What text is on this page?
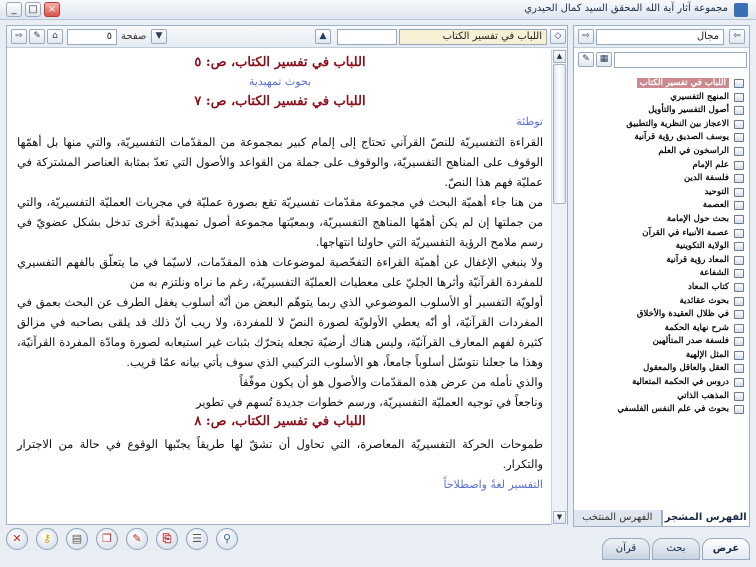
مجموعة آثار آية الله المحقق السيد كمال الحيدري
_	□	×
⇨	✎	⌂	٥ صفحة	▼	▲	اللباب في تفسير الكتاب	◇
اللباب في تفسير الكتاب، ص: ٥
بحوث تمهيدية
اللباب في تفسير الكتاب، ص: ٧
توطئة
القراءة التفسيريّة للنصّ القرآني تحتاج إلى إلمام كبير بمجموعة من المقدّمات التفسيريّة، والتي منها بل أهمّها الوقوف على المناهج التفسيريّة، والوقوف على جملة من القواعد والأصول التي تعدّ بمثابة العناصر المشتركة في عمليّة فهم هذا النصّ.
من هنا جاء أهميّة البحث في مجموعة مقدّمات تفسيريّة تقع بصورة عمليّة في مجريات العمليّة التفسيريّة، والتي من جملتها إن لم يكن أهمّها المناهج التفسيريّة، وبمعيّتها مجموعة أصول تمهيديّة أخرى تدخل بشكل عضويّ في رسم ملامح الرؤية التفسيريّة التي حاولنا انتهاجها.
ولا ينبغي الإغفال عن أهميّة القراءة التفحّصية لموضوعات هذه المقدّمات، لاسيّما في ما يتعلّق بالفهم التفسيري للمفردة القرآنيّة وأثرها الجليّ على معطيات العمليّة التفسيريّة، رغم ما نراه ونلتزم به من
أولويّة التفسير أو الأسلوب الموضوعي الذي ربما يتوهّم البعض من أنّه أسلوب يغفل الطرف عن البحث بعمق في المفردات القرآنيّة، أو أنّه يعطي الأولويّة لصورة النصّ لا للمفردة، ولا ريب أنّ ذلك قد يلقى بصاحبه في مزالق كثيرة لفهم المعارف القرآنيّة، وليس هناك أرضيّة تجعله يتحرّك بثبات غير استيعابه لصورة ومادّة المفردة القرآنيّة، وهذا ما جعلنا نتوسّل أسلوباً جامعاً، هو الأسلوب التركيبي الذي سوف يأتي بيانه عمّا قريب.
والذي نأمله من عرض هذه المقدّمات والأصول هو أن يكون موفّقاً
وناجعاً في توجيه العمليّة التفسيريّة، ورسم خطوات جديدة تُسهم في تطوير
اللباب في تفسير الكتاب، ص: ٨
طموحات الحركة التفسيريّة المعاصرة، التي تحاول أن تشقّ لها طريقاً يجنّبها الوقوع في حالة من الاجترار والتكرار.
التفسير لغةً واصطلاحاً
▲
▼
✕	⚷	▤	❐	✎	⎘	☰	⚲
⇨	مجال	⇦
✎	▦
اللباب في تفسير الكتاب
المنهج التفسيري
أصول التفسير والتأويل
الاعجاز بين النظرية والتطبيق
يوسف الصديق رؤية قرآنية
الراسخون في العلم
علم الإمام
فلسفة الدين
التوحيد
العصمة
بحث حول الإمامة
عصمة الأنبياء في القرآن
الولاية التكوينية
المعاد رؤية قرآنية
الشفاعة
كتاب المعاد
بحوث عقائدية
في ظلال العقيدة والأخلاق
شرح نهاية الحكمة
فلسفة صدر المتألهين
المثل الإلهية
العقل والعاقل والمعقول
دروس في الحكمة المتعالية
المذهب الذاتي
بحوث في علم النفس الفلسفي
الفهرس المشجر
الفهرس المنتخب
عرض
بحث
قرآن
